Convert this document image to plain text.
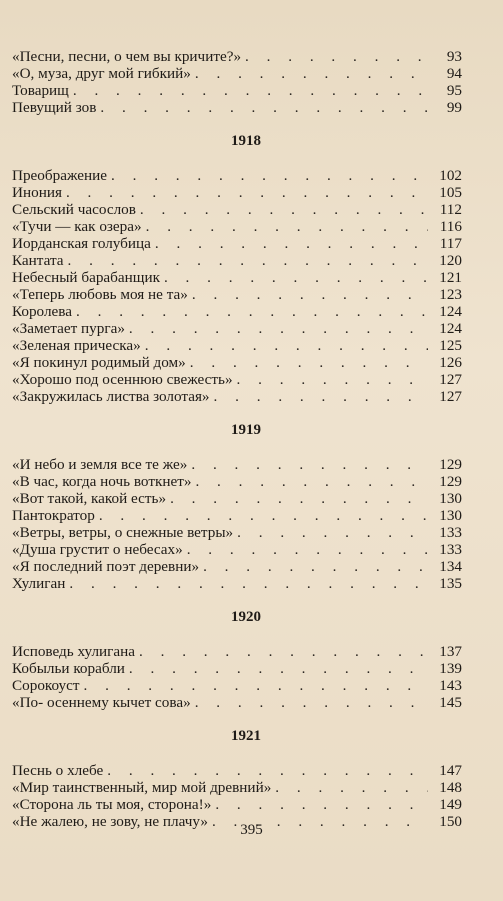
«Песни, песни, о чем вы кричите?» . . .	93
«О, муза, друг мой гибкий» . . .	94
Товарищ . . .	95
Певущий зов . . .	99
1918
Преображение . . .	102
Инония . . .	105
Сельский часослов . . .	112
«Тучи — как озера» . . .	116
Иорданская голубица . . .	117
Кантата . . .	120
Небесный барабанщик . . .	121
«Теперь любовь моя не та» . . .	123
Королева . . .	124
«Заметает пурга» . . .	124
«Зеленая прическа» . . .	125
«Я покинул родимый дом» . . .	126
«Хорошо под осеннюю свежесть» . . .	127
«Закружилась листва золотая» . . .	127
1919
«И небо и земля все те же» . . .	129
«В час, когда ночь воткнет» . . .	129
«Вот такой, какой есть» . . .	130
Пантократор . . .	130
«Ветры, ветры, о снежные ветры» . . .	133
«Душа грустит о небесах» . . .	133
«Я последний поэт деревни» . . .	134
Хулиган . . .	135
1920
Исповедь хулигана . . .	137
Кобыльи корабли . . .	139
Сорокоуст . . .	143
«По- осеннему кычет сова» . . .	145
1921
Песнь о хлебе . . .	147
«Мир таинственный, мир мой древний» . . .	148
«Сторона ль ты моя, сторона!» . . .	149
«Не жалею, не зову, не плачу» . . .	150
395
